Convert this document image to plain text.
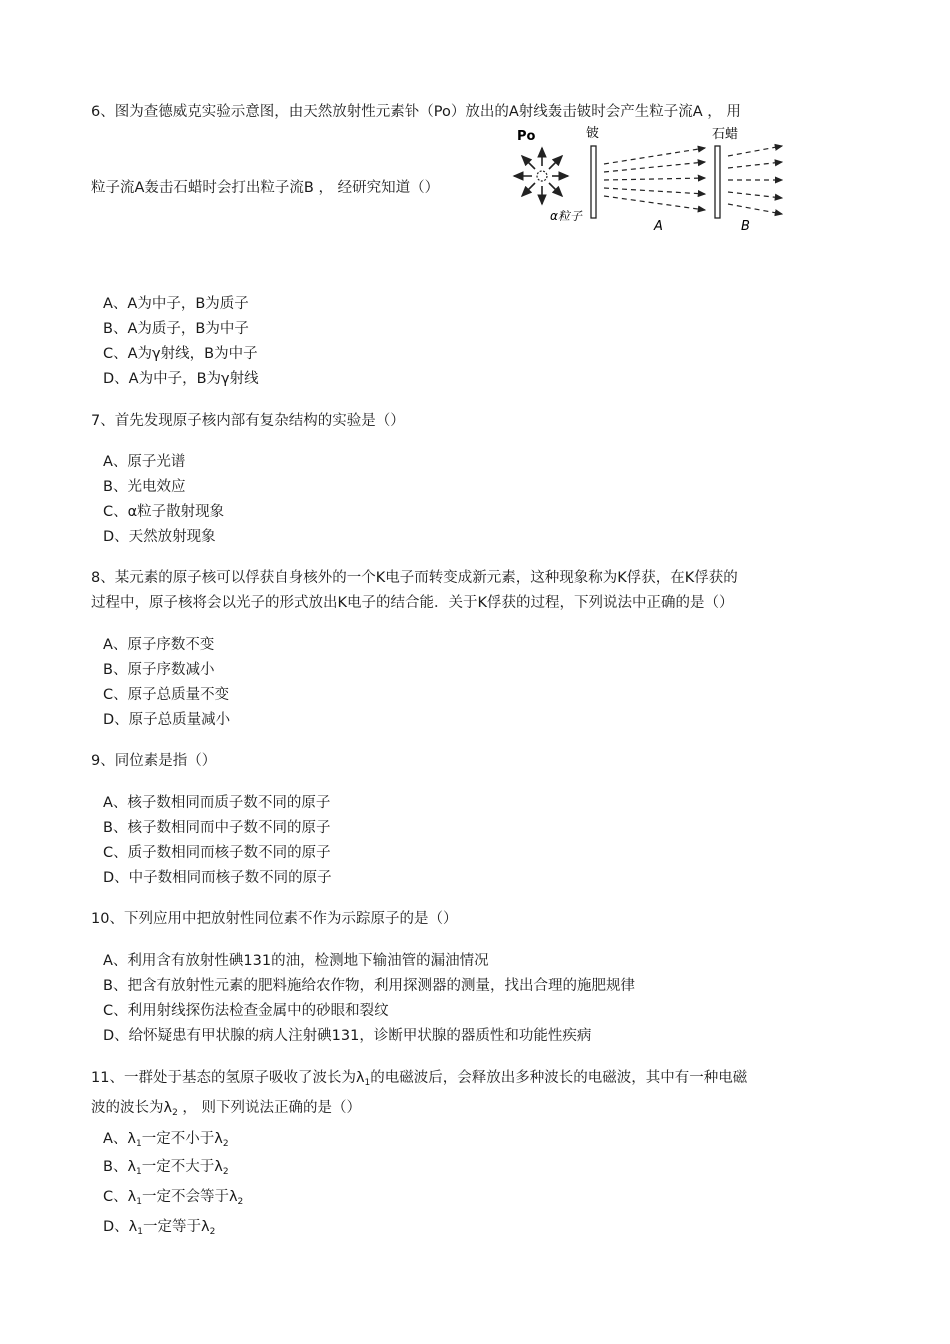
6、图为查德威克实验示意图，由天然放射性元素钋（Po）放出的A射线轰击铍时会产生粒子流A ， 用
Po	铍	石蜡
α粒子
A	B
粒子流A轰击石蜡时会打出粒子流B ， 经研究知道（）
A、A为中子，B为质子
B、A为质子，B为中子
C、A为γ射线，B为中子
D、A为中子，B为γ射线
7、首先发现原子核内部有复杂结构的实验是（）
A、原子光谱
B、光电效应
C、α粒子散射现象
D、天然放射现象
8、某元素的原子核可以俘获自身核外的一个K电子而转变成新元素，这种现象称为K俘获，在K俘获的
过程中，原子核将会以光子的形式放出K电子的结合能．关于K俘获的过程，下列说法中正确的是（）
A、原子序数不变
B、原子序数减小
C、原子总质量不变
D、原子总质量减小
9、同位素是指（）
A、核子数相同而质子数不同的原子
B、核子数相同而中子数不同的原子
C、质子数相同而核子数不同的原子
D、中子数相同而核子数不同的原子
10、下列应用中把放射性同位素不作为示踪原子的是（）
A、利用含有放射性碘131的油，检测地下输油管的漏油情况
B、把含有放射性元素的肥料施给农作物，利用探测器的测量，找出合理的施肥规律
C、利用射线探伤法检查金属中的砂眼和裂纹
D、给怀疑患有甲状腺的病人注射碘131，诊断甲状腺的器质性和功能性疾病
11、一群处于基态的氢原子吸收了波长为$\lambda_1$的电磁波后，会释放出多种波长的电磁波，其中有一种电磁
波的波长为$\lambda_2$ ， 则下列说法正确的是（）
A、$\lambda_1$一定不小于$\lambda_2$
B、$\lambda_1$一定不大于$\lambda_2$
C、$\lambda_1$一定不会等于$\lambda_2$
D、$\lambda_1$一定等于$\lambda_2$
